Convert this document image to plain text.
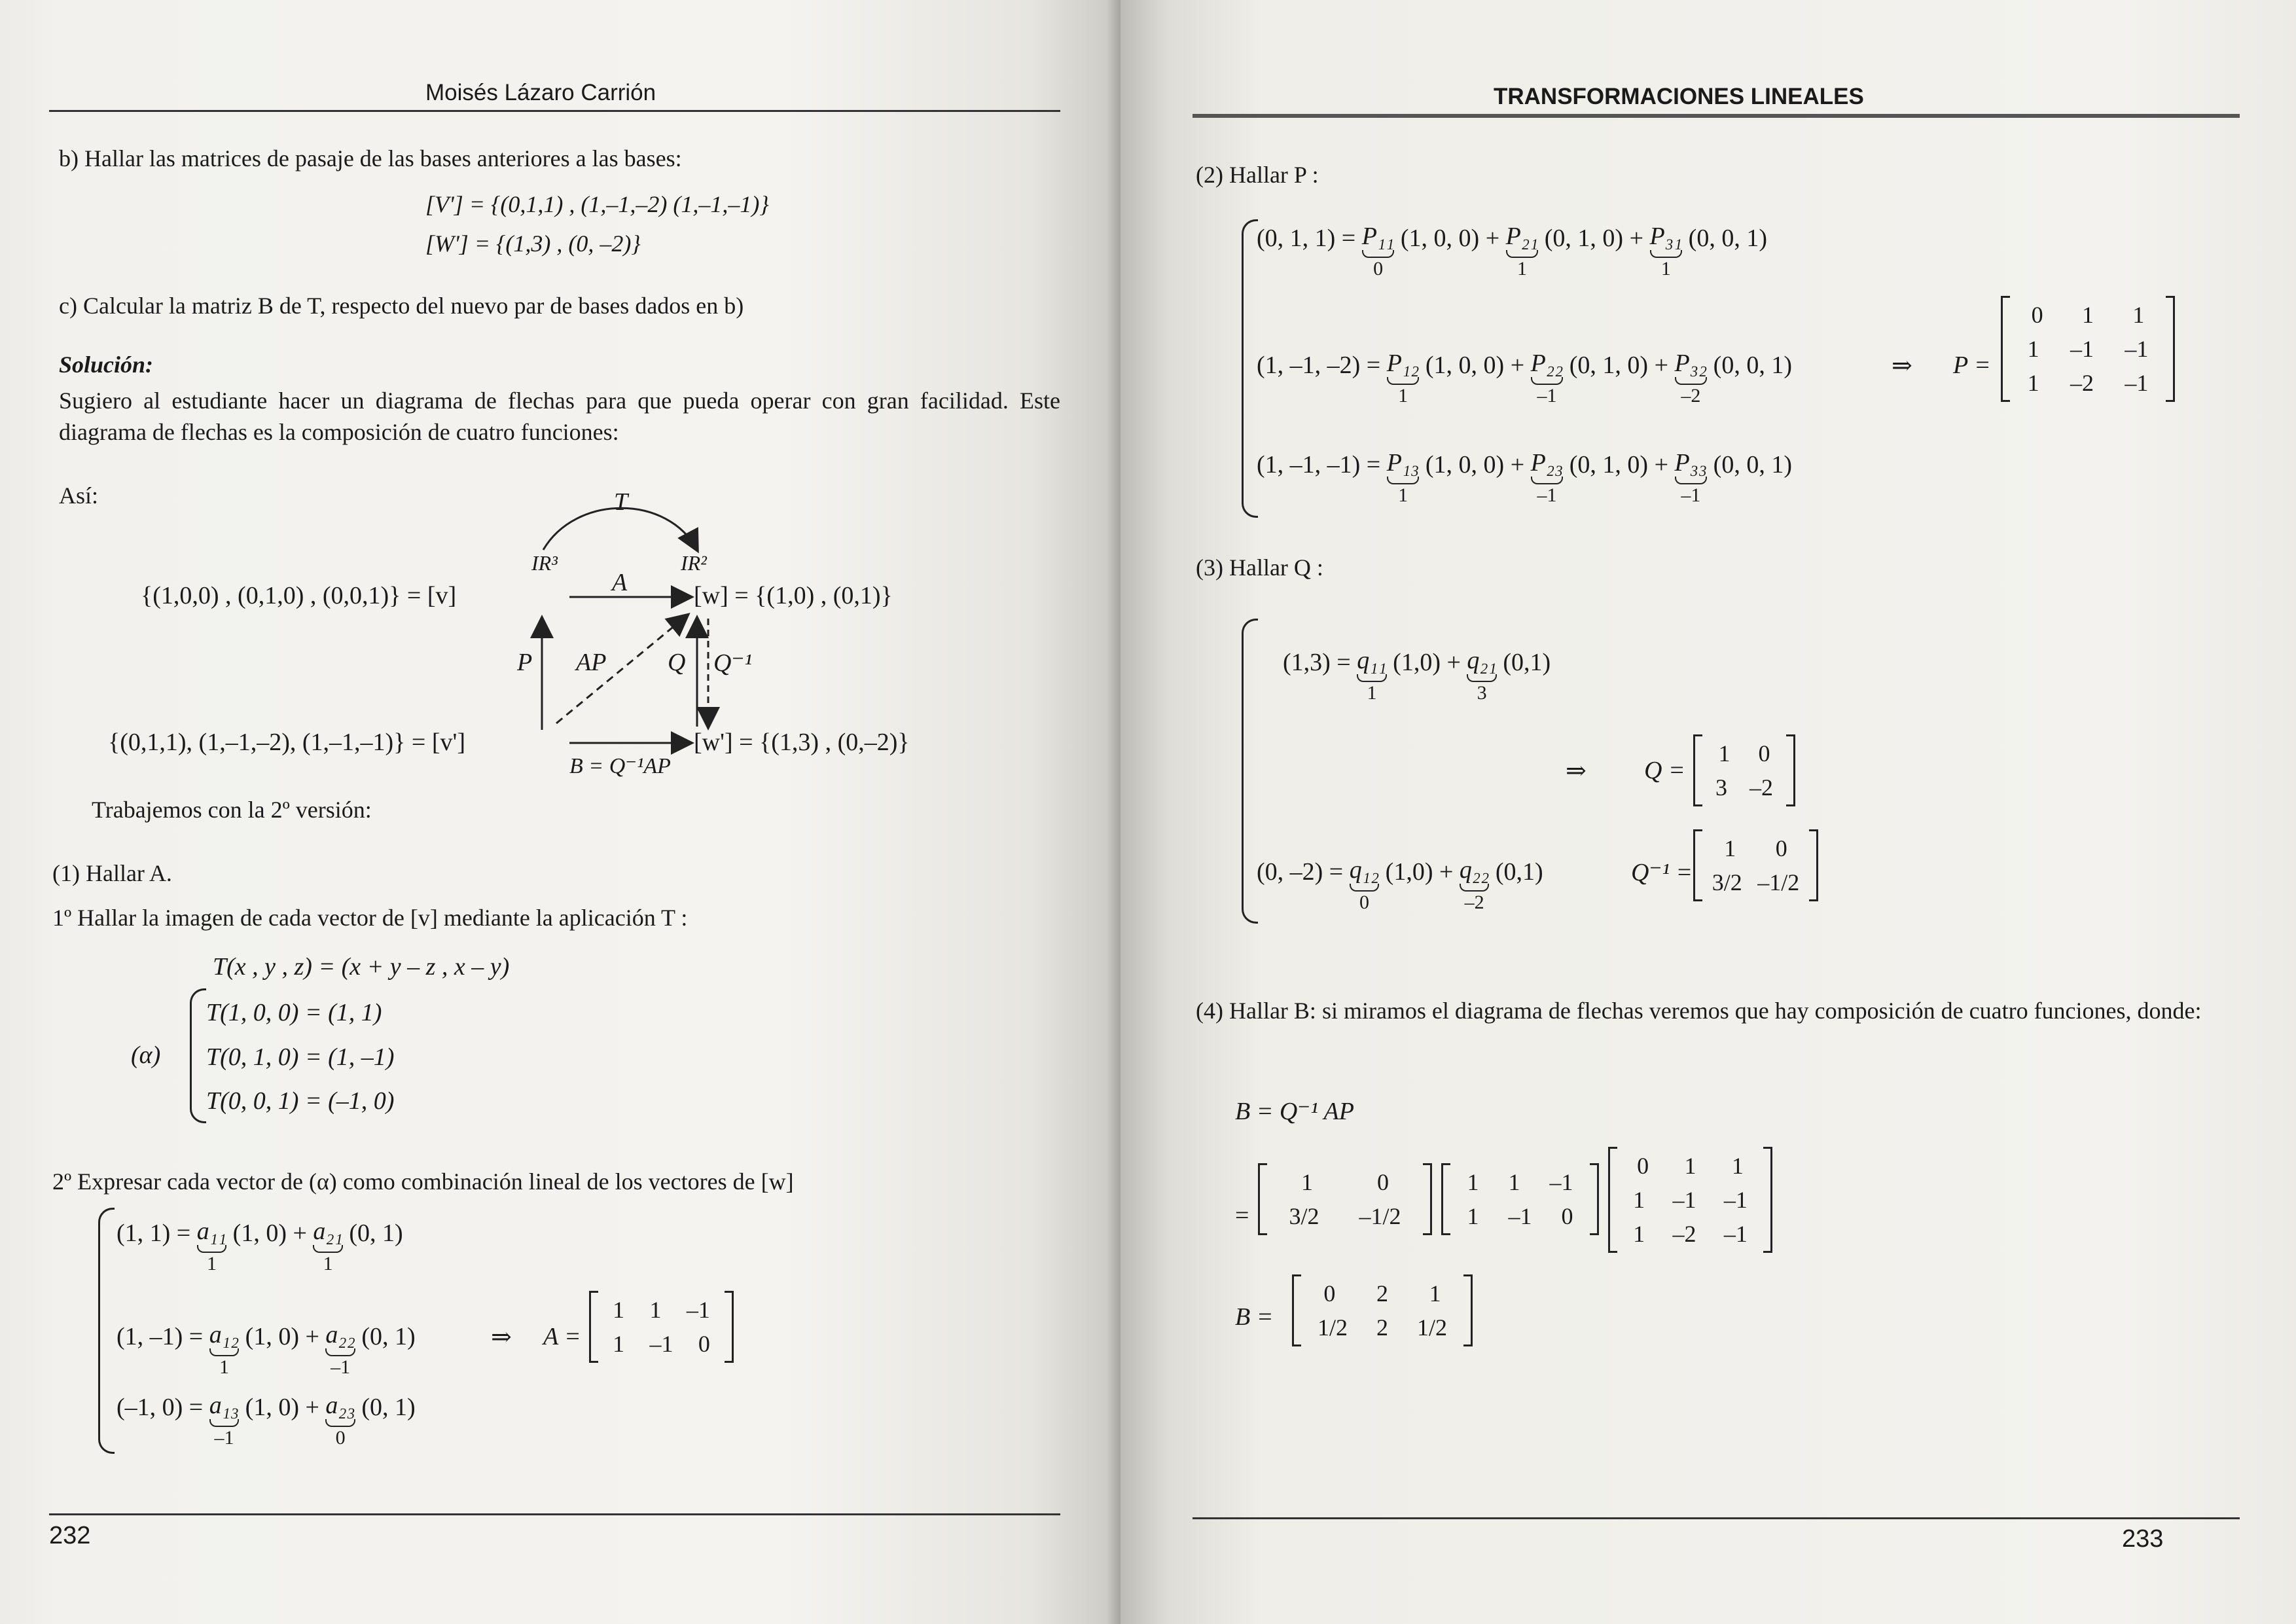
Moisés Lázaro Carrión
b) Hallar las matrices de pasaje de las bases anteriores a las bases:
[V'] = {(0,1,1) , (1,–1,–2) (1,–1,–1)}
[W'] = {(1,3) , (0, –2)}
c) Calcular la matriz B de T, respecto del nuevo par de bases dados en b)
Solución:
Sugiero al estudiante hacer un diagrama de flechas para que pueda operar con gran facilidad. Este diagrama de flechas es la composición de cuatro funciones:
Así:	T
IR³	IR²
{(1,0,0) , (0,1,0) , (0,0,1)} = [v]	A	[w] = {(1,0) , (0,1)}
P AP Q Q⁻¹
{(0,1,1), (1,–1,–2), (1,–1,–1)} = [v']	[w'] = {(1,3) , (0,–2)}
B = Q⁻¹AP
Trabajemos con la 2º versión:
(1) Hallar A.
1º Hallar la imagen de cada vector de [v] mediante la aplicación T :
T(x , y , z) = (x + y – z , x – y)
(α)
T(1, 0, 0) = (1, 1)
T(0, 1, 0) = (1, –1)
T(0, 0, 1) = (–1, 0)
2º Expresar cada vector de (α) como combinación lineal de los vectores de [w]
(1, 1) = a₁₁
1
(1, 0) + a₂₁
1
(0, 1)
(1, –1) = a₁₂
1
(1, 0) + a₂₂
–1
(0, 1)	⇒ A =
1 1 –1
1 –1 0
(–1, 0) = a₁₃
–1
(1, 0) + a₂₃
0
(0, 1)
232
TRANSFORMACIONES LINEALES
(2) Hallar P :
(0, 1, 1) = P₁₁
0
(1, 0, 0) + P₂₁
1
(0, 1, 0) + P₃₁
1
(0, 0, 1)
(1, –1, –2) = P₁₂
1
(1, 0, 0) + P₂₂
–1
(0, 1, 0) + P₃₂
–2
(0, 0, 1)	⇒ P =
0 1 1
1 –1 –1
1 –2 –1
(1, –1, –1) = P₁₃
1
(1, 0, 0) + P₂₃
–1
(0, 1, 0) + P₃₃
–1
(0, 0, 1)
(3) Hallar Q :
(1,3) = q₁₁
1
(1,0) + q₂₁
3
(0,1)
⇒ Q =
1 0
3 –2
(0, –2) = q₁₂
0
(1,0) + q₂₂
–2
(0,1)	Q⁻¹ =
1 0
3/2 –1/2
(4) Hallar B: si miramos el diagrama de flechas veremos que hay composición de cuatro funciones, donde:
B = Q⁻¹ AP
=
1	0
3/2 –1/2
1 1 –1
1 –1 0
0 1 1
1 –1 –1
1 –2 –1
B =
0 2 1
1/2 2 1/2
233
